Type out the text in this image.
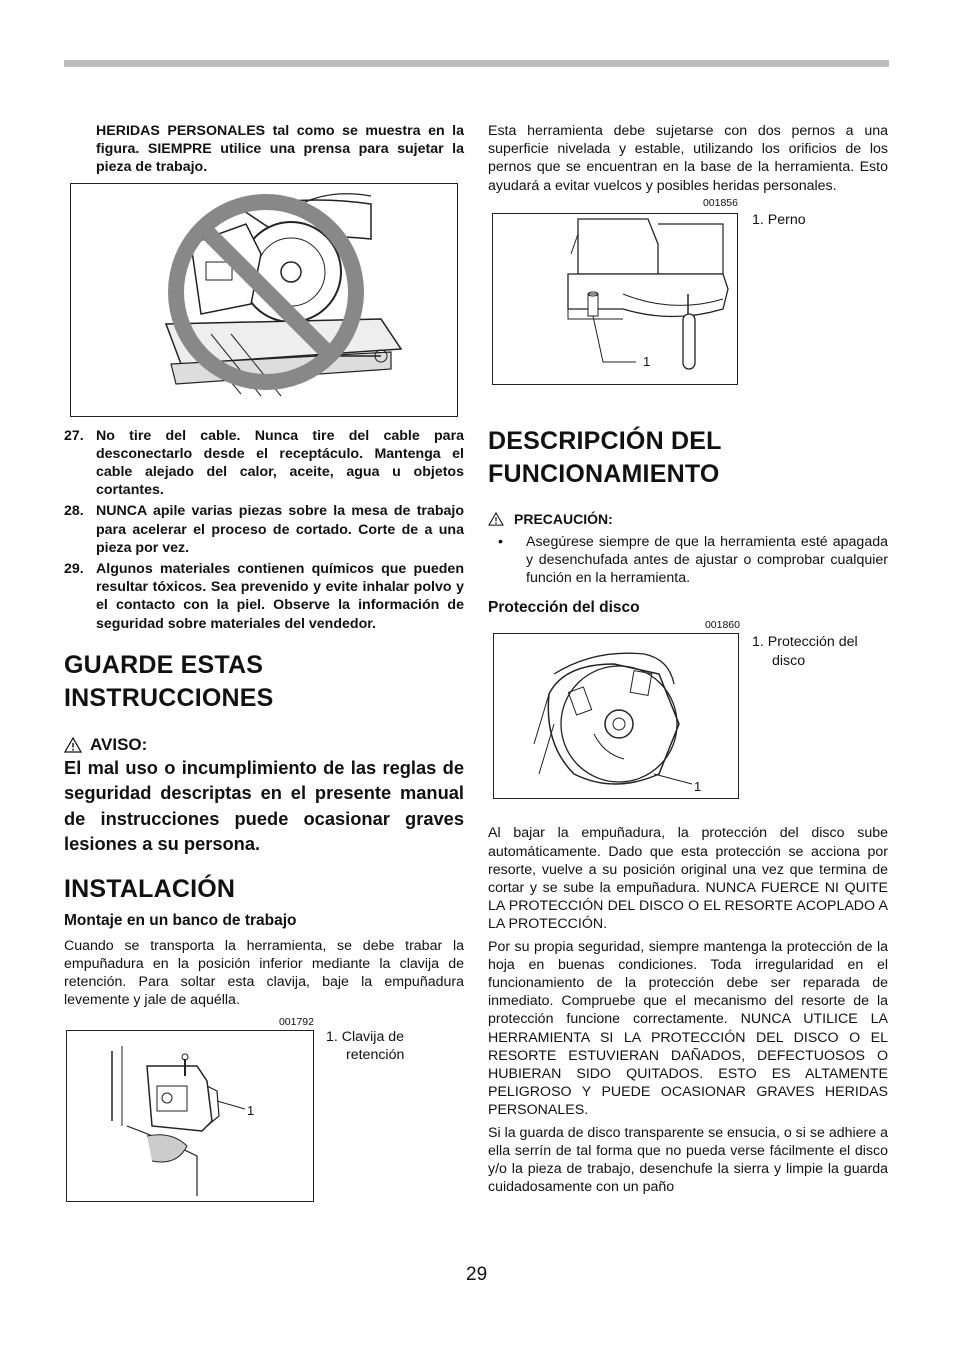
HERIDAS PERSONALES tal como se muestra en la figura. SIEMPRE utilice una prensa para sujetar la pieza de trabajo.

27. No tire del cable. Nunca tire del cable para desconectarlo desde el receptáculo. Mantenga el cable alejado del calor, aceite, agua u objetos cortantes.
28. NUNCA apile varias piezas sobre la mesa de trabajo para acelerar el proceso de cortado. Corte de a una pieza por vez.
29. Algunos materiales contienen químicos que pueden resultar tóxicos. Sea prevenido y evite inhalar polvo y el contacto con la piel. Observe la información de seguridad sobre materiales del vendedor.
GUARDE ESTAS
INSTRUCCIONES
AVISO:
El mal uso o incumplimiento de las reglas de seguridad descriptas en el presente manual de instrucciones puede ocasionar graves lesiones a su persona.
INSTALACIÓN
Montaje en un banco de trabajo

Cuando se transporta la herramienta, se debe trabar la empuñadura en la posición inferior mediante la clavija de retención. Para soltar esta clavija, baje la empuñadura levemente y jale de aquélla.

001792
1
1. Clavija de
retención

Esta herramienta debe sujetarse con dos pernos a una superficie nivelada y estable, utilizando los orificios de los pernos que se encuentran en la base de la herramienta. Esto ayudará a evitar vuelcos y posibles heridas personales.

001856
1
1. Perno
DESCRIPCIÓN DEL
FUNCIONAMIENTO
PRECAUCIÓN:
•	Asegúrese siempre de que la herramienta esté apagada y desenchufada antes de ajustar o comprobar cualquier función en la herramienta.
Protección del disco
001860
1
1. Protección del
disco

Al bajar la empuñadura, la protección del disco sube automáticamente. Dado que esta protección se acciona por resorte, vuelve a su posición original una vez que termina de cortar y se sube la empuñadura. NUNCA FUERCE NI QUITE LA PROTECCIÓN DEL DISCO O EL RESORTE ACOPLADO A LA PROTECCIÓN.

Por su propia seguridad, siempre mantenga la protección de la hoja en buenas condiciones. Toda irregularidad en el funcionamiento de la protección debe ser reparada de inmediato. Compruebe que el mecanismo del resorte de la protección funcione correctamente. NUNCA UTILICE LA HERRAMIENTA SI LA PROTECCIÓN DEL DISCO O EL RESORTE ESTUVIERAN DAÑADOS, DEFECTUOSOS O HUBIERAN SIDO QUITADOS. ESTO ES ALTAMENTE PELIGROSO Y PUEDE OCASIONAR GRAVES HERIDAS PERSONALES.

Si la guarda de disco transparente se ensucia, o si se adhiere a ella serrín de tal forma que no pueda verse fácilmente el disco y/o la pieza de trabajo, desenchufe la sierra y limpie la guarda cuidadosamente con un paño

29
